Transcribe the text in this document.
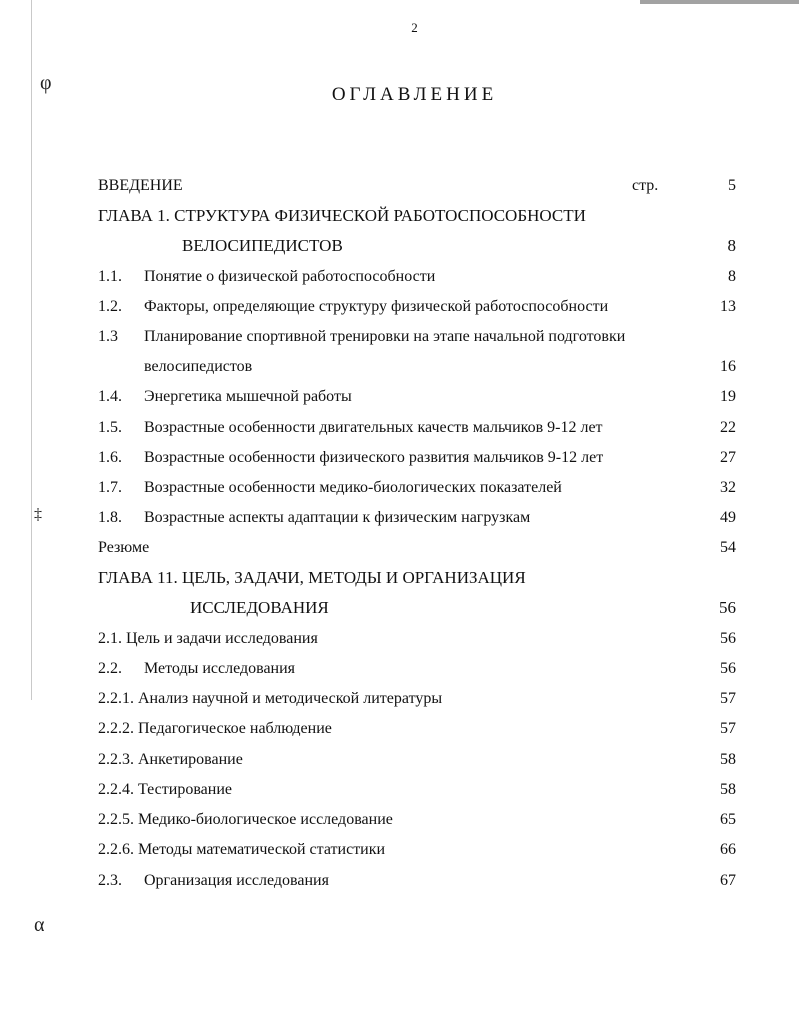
φ
‡
α
2
ОГЛАВЛЕНИЕ
ВВЕДЕНИЕ	стр.	5
ГЛАВА 1. СТРУКТУРА ФИЗИЧЕСКОЙ РАБОТОСПОСОБНОСТИ
ВЕЛОСИПЕДИСТОВ	8
1.1. Понятие о физической работоспособности	8
1.2. Факторы, определяющие структуру физической работоспособности	13
1.3 Планирование спортивной тренировки на этапе начальной подготовки
велосипедистов	16
1.4. Энергетика мышечной работы	19
1.5. Возрастные особенности двигательных качеств мальчиков 9-12 лет	22
1.6. Возрастные особенности физического развития мальчиков 9-12 лет	27
1.7. Возрастные особенности медико-биологических показателей	32
1.8. Возрастные аспекты адаптации к физическим нагрузкам	49
Резюме	54
ГЛАВА 11. ЦЕЛЬ, ЗАДАЧИ, МЕТОДЫ И ОРГАНИЗАЦИЯ
ИССЛЕДОВАНИЯ	56
2.1. Цель и задачи исследования	56
2.2. Методы исследования	56
2.2.1. Анализ научной и методической литературы	57
2.2.2. Педагогическое наблюдение	57
2.2.3. Анкетирование	58
2.2.4. Тестирование	58
2.2.5. Медико-биологическое исследование	65
2.2.6. Методы математической статистики	66
2.3. Организация исследования	67
